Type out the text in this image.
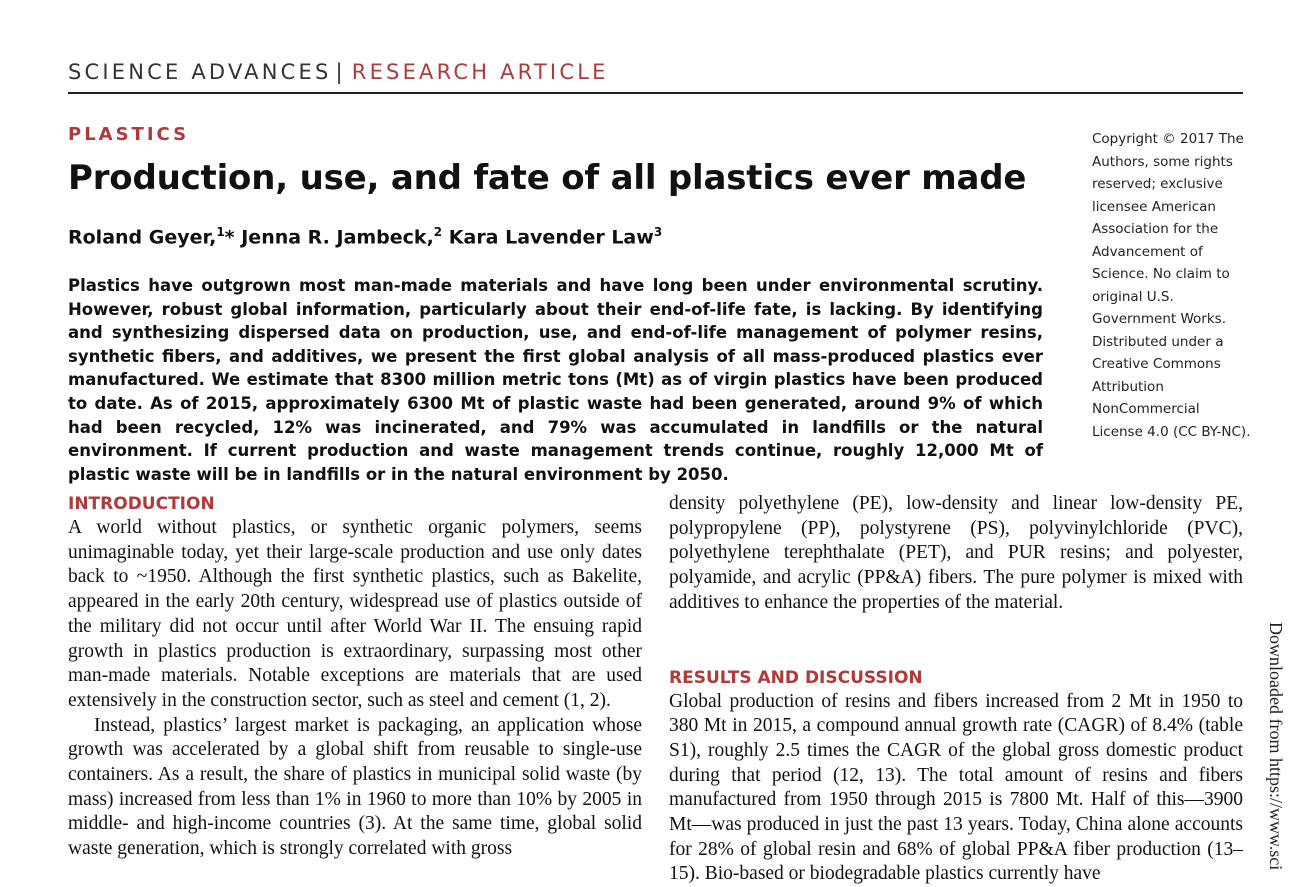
SCIENCE ADVANCES | RESEARCH ARTICLE
PLASTICS
Production, use, and fate of all plastics ever made
Roland Geyer,$^1$* Jenna R. Jambeck,$^2$ Kara Lavender Law$^3$

Plastics have outgrown most man-made materials and have long been under environmental scrutiny. However, robust global information, particularly about their end-of-life fate, is lacking. By identifying and synthesizing dispersed data on production, use, and end-of-life management of polymer resins, synthetic fibers, and additives, we present the first global analysis of all mass-produced plastics ever manufactured. We estimate that 8300 million metric tons (Mt) as of virgin plastics have been produced to date. As of 2015, approximately 6300 Mt of plastic waste had been generated, around 9% of which had been recycled, 12% was incinerated, and 79% was accumulated in landfills or the natural environment. If current production and waste management trends continue, roughly 12,000 Mt of plastic waste will be in landfills or in the natural environment by 2050.

Copyright © 2017 The Authors, some rights reserved; exclusive licensee American Association for the Advancement of Science. No claim to original U.S. Government Works. Distributed under a Creative Commons Attribution NonCommercial License 4.0 (CC BY-NC).

INTRODUCTION

A world without plastics, or synthetic organic polymers, seems unimaginable today, yet their large-scale production and use only dates back to ~1950. Although the first synthetic plastics, such as Bakelite, appeared in the early 20th century, widespread use of plastics outside of the military did not occur until after World War II. The ensuing rapid growth in plastics production is extraordinary, surpassing most other man-made materials. Notable exceptions are materials that are used extensively in the construction sector, such as steel and cement (1, 2).

Instead, plastics’ largest market is packaging, an application whose growth was accelerated by a global shift from reusable to single-use containers. As a result, the share of plastics in municipal solid waste (by mass) increased from less than 1% in 1960 to more than 10% by 2005 in middle- and high-income countries (3). At the same time, global solid waste generation, which is strongly correlated with gross

density polyethylene (PE), low-density and linear low-density PE, polypropylene (PP), polystyrene (PS), polyvinylchloride (PVC), polyethylene terephthalate (PET), and PUR resins; and polyester, polyamide, and acrylic (PP&A) fibers. The pure polymer is mixed with additives to enhance the properties of the material.

RESULTS AND DISCUSSION

Global production of resins and fibers increased from 2 Mt in 1950 to 380 Mt in 2015, a compound annual growth rate (CAGR) of 8.4% (table S1), roughly 2.5 times the CAGR of the global gross domestic product during that period (12, 13). The total amount of resins and fibers manufactured from 1950 through 2015 is 7800 Mt. Half of this—3900 Mt—was produced in just the past 13 years. Today, China alone accounts for 28% of global resin and 68% of global PP&A fiber production (13–15). Bio-based or biodegradable plastics currently have

Downloaded from https://www.sci
